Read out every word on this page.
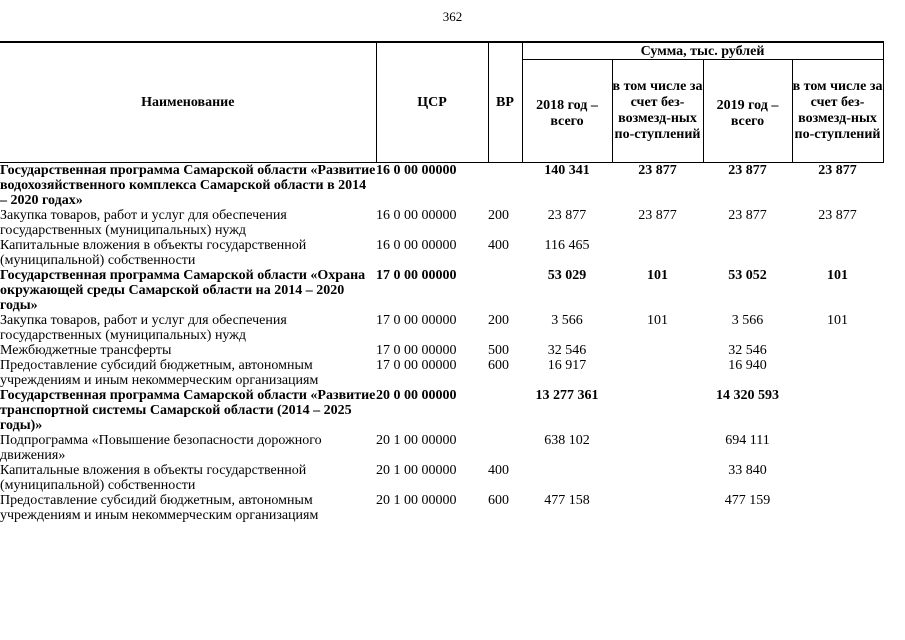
362
Наименование	ЦСР	ВР	Сумма, тыс. рублей			
			2018 год – всего	в том числе за счет без-возмезд-ных по-ступлений	2019 год – всего	в том числе за счет без-возмезд-ных по-ступлений
Государственная программа Самарской области «Развитие водохозяйственного комплекса Самарской области в 2014 – 2020 годах»	16 0 00 00000		140 341	23 877	23 877	23 877
Закупка товаров, работ и услуг для обеспечения государственных (муниципальных) нужд	16 0 00 00000	200	23 877	23 877	23 877	23 877
Капитальные вложения в объекты государственной (муниципальной) собственности	16 0 00 00000	400	116 465			
Государственная программа Самарской области «Охрана окружающей среды Самарской области на 2014 – 2020 годы»	17 0 00 00000		53 029	101	53 052	101
Закупка товаров, работ и услуг для обеспечения государственных (муниципальных) нужд	17 0 00 00000	200	3 566	101	3 566	101
Межбюджетные трансферты	17 0 00 00000	500	32 546		32 546	
Предоставление субсидий бюджетным, автономным учреждениям и иным некоммерческим организациям	17 0 00 00000	600	16 917		16 940	
Государственная программа Самарской области «Развитие транспортной системы Самарской области (2014 – 2025 годы)»	20 0 00 00000		13 277 361		14 320 593	
Подпрограмма «Повышение безопасности дорожного движения»	20 1 00 00000		638 102		694 111	
Капитальные вложения в объекты государственной (муниципальной) собственности	20 1 00 00000	400			33 840	
Предоставление субсидий бюджетным, автономным учреждениям и иным некоммерческим организациям	20 1 00 00000	600	477 158		477 159	
